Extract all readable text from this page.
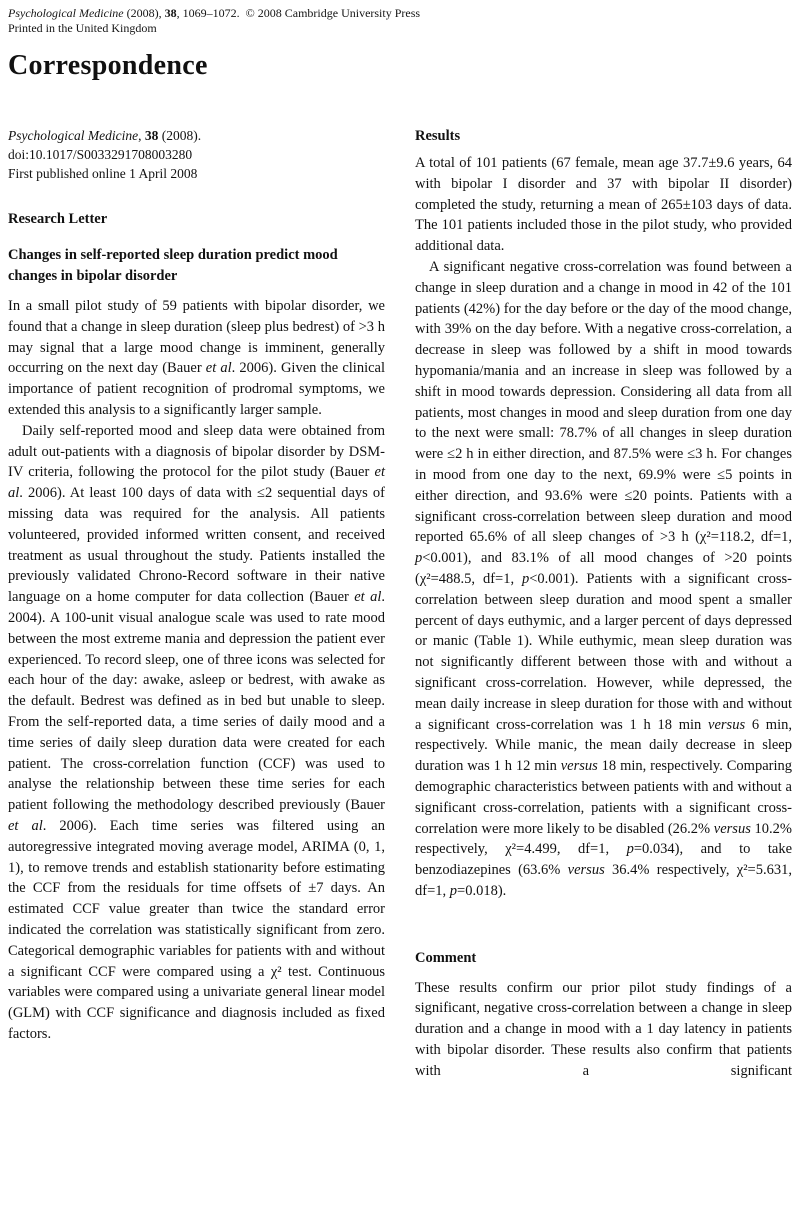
Psychological Medicine (2008), 38, 1069–1072.  © 2008 Cambridge University Press
Printed in the United Kingdom
Correspondence
Psychological Medicine, 38 (2008).
doi:10.1017/S0033291708003280
First published online 1 April 2008
Research Letter
Changes in self-reported sleep duration predict mood changes in bipolar disorder

In a small pilot study of 59 patients with bipolar disorder, we found that a change in sleep duration (sleep plus bedrest) of >3 h may signal that a large mood change is imminent, generally occurring on the next day (Bauer et al. 2006). Given the clinical importance of patient recognition of prodromal symptoms, we extended this analysis to a significantly larger sample.

Daily self-reported mood and sleep data were obtained from adult out-patients with a diagnosis of bipolar disorder by DSM-IV criteria, following the protocol for the pilot study (Bauer et al. 2006). At least 100 days of data with ≤2 sequential days of missing data was required for the analysis. All patients volunteered, provided informed written consent, and received treatment as usual throughout the study. Patients installed the previously validated Chrono-Record software in their native language on a home computer for data collection (Bauer et al. 2004). A 100-unit visual analogue scale was used to rate mood between the most extreme mania and depression the patient ever experienced. To record sleep, one of three icons was selected for each hour of the day: awake, asleep or bedrest, with awake as the default. Bedrest was defined as in bed but unable to sleep. From the self-reported data, a time series of daily mood and a time series of daily sleep duration data were created for each patient. The cross-correlation function (CCF) was used to analyse the relationship between these time series for each patient following the methodology described previously (Bauer et al. 2006). Each time series was filtered using an autoregressive integrated moving average model, ARIMA (0, 1, 1), to remove trends and establish stationarity before estimating the CCF from the residuals for time offsets of ±7 days. An estimated CCF value greater than twice the standard error indicated the correlation was statistically significant from zero. Categorical demographic variables for patients with and without a significant CCF were compared using a χ² test. Continuous variables were compared using a univariate general linear model (GLM) with CCF significance and diagnosis included as fixed factors.

Results

A total of 101 patients (67 female, mean age 37.7±9.6 years, 64 with bipolar I disorder and 37 with bipolar II disorder) completed the study, returning a mean of 265±103 days of data. The 101 patients included those in the pilot study, who provided additional data.

A significant negative cross-correlation was found between a change in sleep duration and a change in mood in 42 of the 101 patients (42%) for the day before or the day of the mood change, with 39% on the day before. With a negative cross-correlation, a decrease in sleep was followed by a shift in mood towards hypomania/mania and an increase in sleep was followed by a shift in mood towards depression. Considering all data from all patients, most changes in mood and sleep duration from one day to the next were small: 78.7% of all changes in sleep duration were ≤2 h in either direction, and 87.5% were ≤3 h. For changes in mood from one day to the next, 69.9% were ≤5 points in either direction, and 93.6% were ≤20 points. Patients with a significant cross-correlation between sleep duration and mood reported 65.6% of all sleep changes of >3 h (χ²=118.2, df=1, p<0.001), and 83.1% of all mood changes of >20 points (χ²=488.5, df=1, p<0.001). Patients with a significant cross-correlation between sleep duration and mood spent a smaller percent of days euthymic, and a larger percent of days depressed or manic (Table 1). While euthymic, mean sleep duration was not significantly different between those with and without a significant cross-correlation. However, while depressed, the mean daily increase in sleep duration for those with and without a significant cross-correlation was 1 h 18 min versus 6 min, respectively. While manic, the mean daily decrease in sleep duration was 1 h 12 min versus 18 min, respectively. Comparing demographic characteristics between patients with and without a significant cross-correlation, patients with a significant cross-correlation were more likely to be disabled (26.2% versus 10.2% respectively, χ²=4.499, df=1, p=0.034), and to take benzodiazepines (63.6% versus 36.4% respectively, χ²=5.631, df=1, p=0.018).

Comment

These results confirm our prior pilot study findings of a significant, negative cross-correlation between a change in sleep duration and a change in mood with a 1 day latency in patients with bipolar disorder. These results also confirm that patients with a significant
